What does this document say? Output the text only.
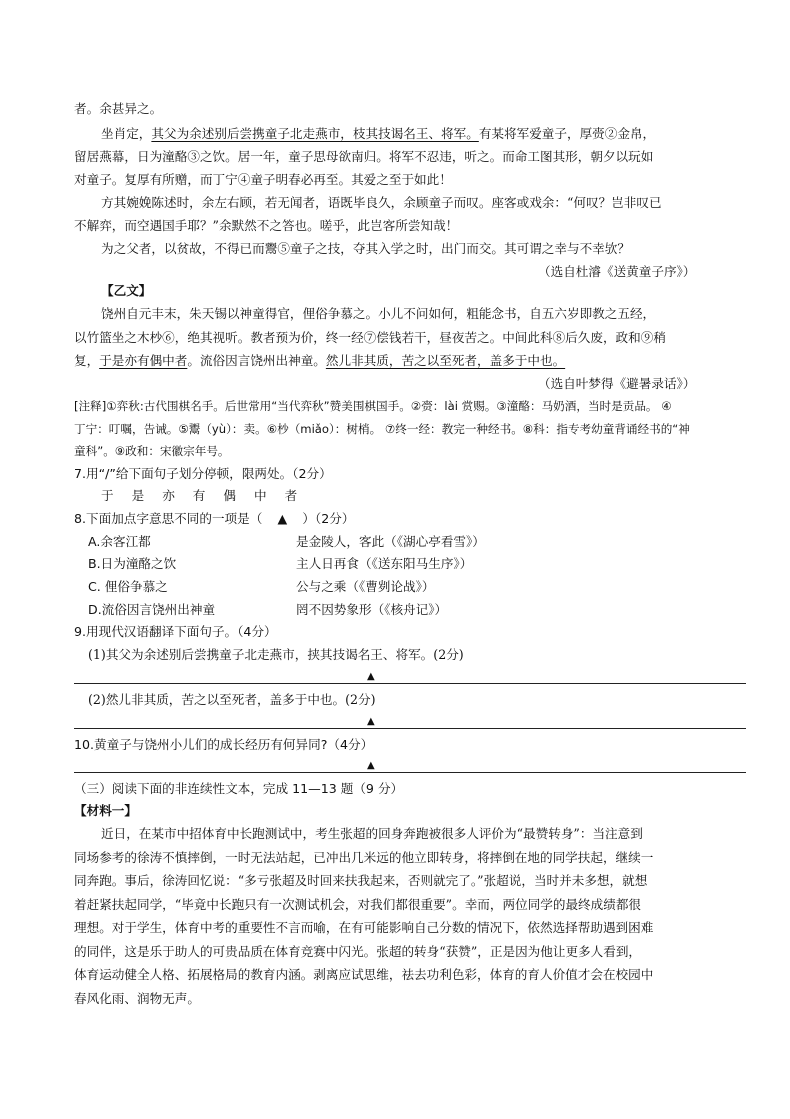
者。余甚异之。
坐肖定，其父为余述别后尝携童子北走燕市，枝其技谒名王、将军。有某将军爱童子，厚赍②金帛，
留居燕幕，日为潼酪③之饮。居一年，童子思母欲南归。将军不忍违，听之。而命工图其形，朝夕以玩如
对童子。复厚有所赠，而丁宁④童子明春必再至。其爱之至于如此！
方其婉娩陈述时，余左右顾，若无闻者，语既毕良久，余顾童子而叹。座客或戏余：“何叹？岂非叹已
不解弈，而空遇国手耶？”余默然不之答也。嗟乎，此岂客所尝知哉！
为之父者，以贫故，不得已而鬻⑤童子之技，夺其入学之时，出门而交。其可谓之幸与不幸欤？
（选自杜濬《送黄童子序》）
【乙文】
饶州自元丰末，朱天锡以神童得官，俚俗争慕之。小儿不问如何，粗能念书，自五六岁即教之五经，
以竹篮坐之木杪⑥，绝其视听。教者预为价，终一经⑦偿钱若干，昼夜苦之。中间此科⑧后久废，政和⑨稍
复，于是亦有偶中者。流俗因言饶州出神童。然儿非其质，苦之以至死者，盖多于中也。
（选自叶梦得《避暑录话》）
[注释]①弈秋:古代围棋名手。后世常用“当代弈秋”赞美围棋国手。②赍：lài 赏赐。③潼酪：马奶酒，当时是贡品。 ④
丁宁：叮嘱，告诫。⑤鬻（yù）：卖。⑥杪（miǎo）：树梢。 ⑦终一经：教完一种经书。⑧科：指专考幼童背诵经书的“神
童科”。⑨政和：宋徽宗年号。
7.用“/”给下面句子划分停顿，限两处。（2分）
于是亦有偶中者
8.下面加点字意思不同的一项是（ ▲ ）（2分）
A.余客江都	是金陵人，客此（《湖心亭看雪》）
B.日为潼酪之饮	主人日再食（《送东阳马生序》）
C. 俚俗争慕之	公与之乘（《曹刿论战》）
D.流俗因言饶州出神童	罔不因势象形（《核舟记》）
9.用现代汉语翻译下面句子。（4分）
(1)其父为余述别后尝携童子北走燕市，挟其技谒名王、将军。(2分)
▲
(2)然儿非其质，苦之以至死者，盖多于中也。(2分)
▲
10.黄童子与饶州小儿们的成长经历有何异同?（4分）
▲
（三）阅读下面的非连续性文本，完成 11—13 题（9 分）
【材料一】
近日，在某市中招体育中长跑测试中，考生张超的回身奔跑被很多人评价为“最赞转身”：当注意到
同场参考的徐涛不慎摔倒，一时无法站起，已冲出几米远的他立即转身，将摔倒在地的同学扶起，继续一
同奔跑。事后，徐涛回忆说：“多亏张超及时回来扶我起来，否则就完了。”张超说，当时并未多想，就想
着赶紧扶起同学，“毕竟中长跑只有一次测试机会，对我们都很重要”。幸而，两位同学的最终成绩都很
理想。对于学生，体育中考的重要性不言而喻，在有可能影响自己分数的情况下，依然选择帮助遇到困难
的同伴，这是乐于助人的可贵品质在体育竞赛中闪光。张超的转身“获赞”，正是因为他让更多人看到，
体育运动健全人格、拓展格局的教育内涵。剥离应试思维，祛去功利色彩，体育的育人价值才会在校园中
春风化雨、润物无声。
